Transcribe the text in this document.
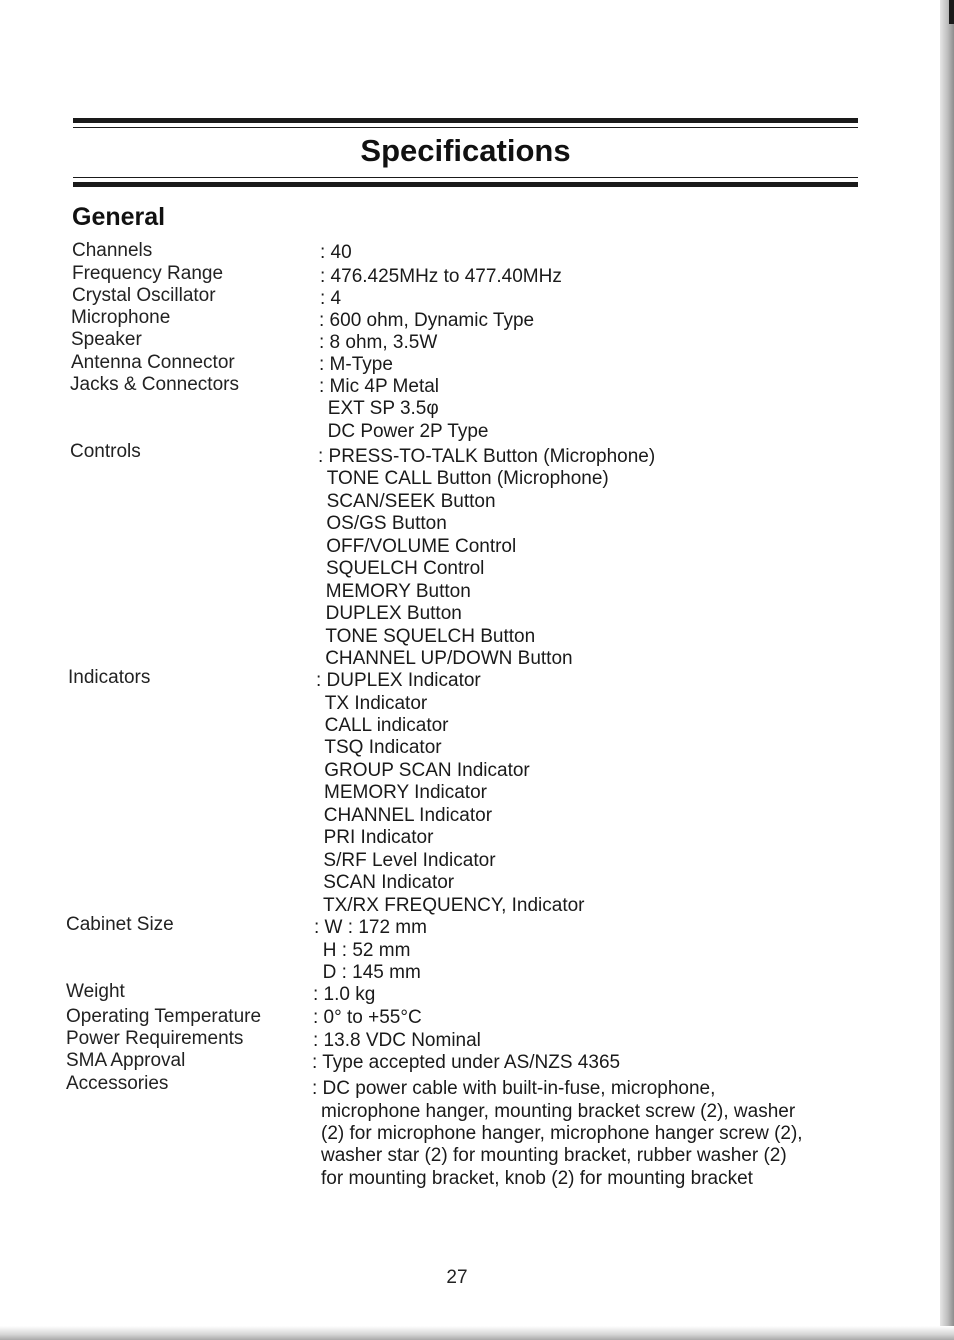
Specifications
General
Channels	: 40
Frequency Range	: 476.425MHz to 477.40MHz
Crystal Oscillator	: 4
Microphone	: 600 ohm, Dynamic Type
Speaker	: 8 ohm, 3.5W
Antenna Connector	: M-Type
Jacks & Connectors	: Mic 4P Metal
EXT SP 3.5φ
DC Power 2P Type
Controls	: PRESS-TO-TALK Button (Microphone)
TONE CALL Button (Microphone)
SCAN/SEEK Button
OS/GS Button
OFF/VOLUME Control
SQUELCH Control
MEMORY Button
DUPLEX Button
TONE SQUELCH Button
CHANNEL UP/DOWN Button
Indicators	: DUPLEX Indicator
TX Indicator
CALL indicator
TSQ Indicator
GROUP SCAN Indicator
MEMORY Indicator
CHANNEL Indicator
PRI Indicator
S/RF Level Indicator
SCAN Indicator
TX/RX FREQUENCY, Indicator
Cabinet Size	: W : 172 mm
H : 52 mm
D : 145 mm
Weight	: 1.0 kg
Operating Temperature	: 0° to +55°C
Power Requirements	: 13.8 VDC Nominal
SMA Approval	: Type accepted under AS/NZS 4365
Accessories	: DC power cable with built-in-fuse, microphone,
microphone hanger, mounting bracket screw (2), washer
(2) for microphone hanger, microphone hanger screw (2),
washer star (2) for mounting bracket, rubber washer (2)
for mounting bracket, knob (2) for mounting bracket
27
